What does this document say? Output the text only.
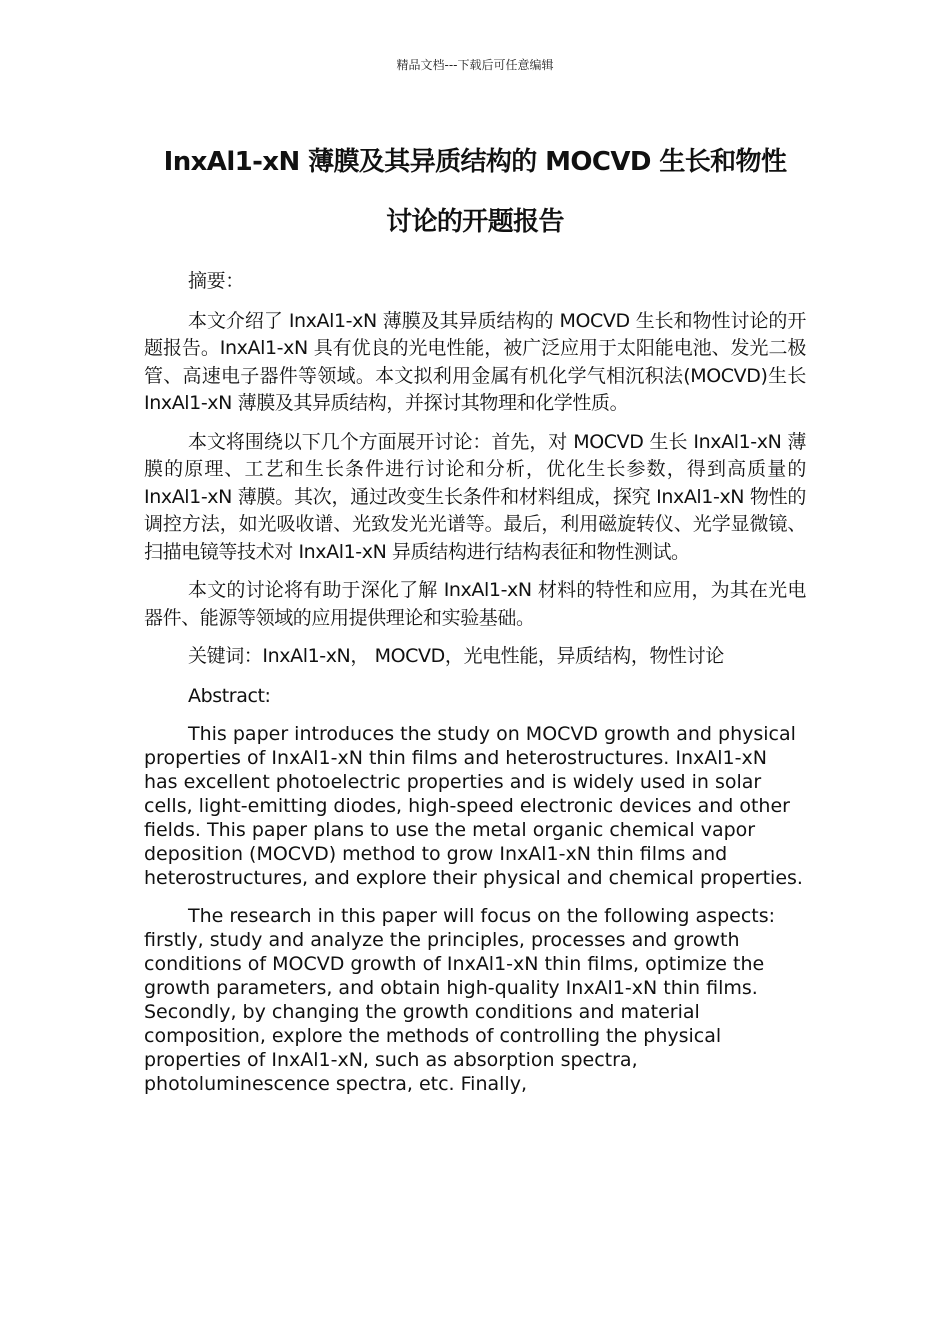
精品文档---下载后可任意编辑
InxAl1-xN 薄膜及其异质结构的 MOCVD 生长和物性
讨论的开题报告

摘要：

本文介绍了 InxAl1-xN 薄膜及其异质结构的 MOCVD 生长和物性讨论的开题报告。InxAl1-xN 具有优良的光电性能，被广泛应用于太阳能电池、发光二极管、高速电子器件等领域。本文拟利用金属有机化学气相沉积法(MOCVD)生长 InxAl1-xN 薄膜及其异质结构，并探讨其物理和化学性质。

本文将围绕以下几个方面展开讨论：首先，对 MOCVD 生长 InxAl1-xN 薄膜的原理、工艺和生长条件进行讨论和分析，优化生长参数，得到高质量的 InxAl1-xN 薄膜。其次，通过改变生长条件和材料组成，探究 InxAl1-xN 物性的调控方法，如光吸收谱、光致发光光谱等。最后，利用磁旋转仪、光学显微镜、扫描电镜等技术对 InxAl1-xN 异质结构进行结构表征和物性测试。

本文的讨论将有助于深化了解 InxAl1-xN 材料的特性和应用，为其在光电器件、能源等领域的应用提供理论和实验基础。

关键词：InxAl1-xN， MOCVD，光电性能，异质结构，物性讨论

Abstract:

This paper introduces the study on MOCVD growth and physical properties of InxAl1-xN thin films and heterostructures. InxAl1-xN has excellent photoelectric properties and is widely used in solar cells, light-emitting diodes, high-speed electronic devices and other fields. This paper plans to use the metal organic chemical vapor deposition (MOCVD) method to grow InxAl1-xN thin films and heterostructures, and explore their physical and chemical properties.

The research in this paper will focus on the following aspects: firstly, study and analyze the principles, processes and growth conditions of MOCVD growth of InxAl1-xN thin films, optimize the growth parameters, and obtain high-quality InxAl1-xN thin films. Secondly, by changing the growth conditions and material composition, explore the methods of controlling the physical properties of InxAl1-xN, such as absorption spectra, photoluminescence spectra, etc. Finally,
